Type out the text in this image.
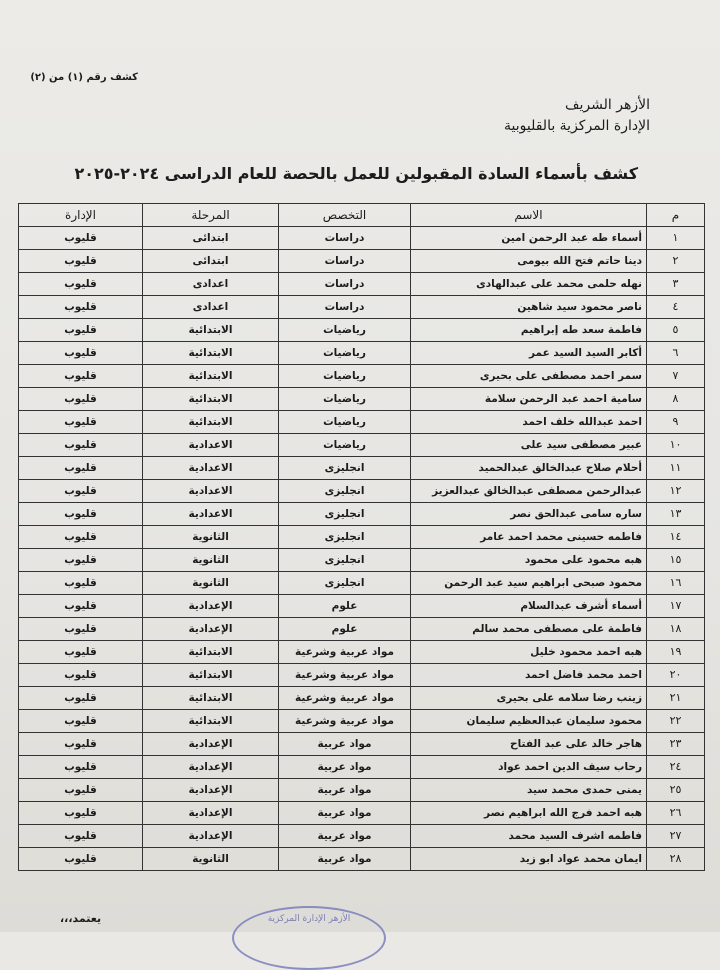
كشف رقم (١) من (٢)
الأزهر الشريف
الإدارة المركزية بالقليوبية
كشف بأسماء السادة المقبولين للعمل بالحصة للعام الدراسى ٢٠٢٤-٢٠٢٥
م	الاسم	التخصص	المرحلة	الإدارة
١	أسماء طه عبد الرحمن امين	دراسات	ابتدائى	قليوب
٢	دينا حاتم فتح الله بيومى	دراسات	ابتدائى	قليوب
٣	نهله حلمى محمد على عبدالهادى	دراسات	اعدادى	قليوب
٤	ناصر محمود سيد شاهين	دراسات	اعدادى	قليوب
٥	فاطمة سعد طه إبراهيم	رياضيات	الابتدائية	قليوب
٦	أكابر السيد السيد عمر	رياضيات	الابتدائية	قليوب
٧	سمر احمد مصطفى على بحيرى	رياضيات	الابتدائية	قليوب
٨	سامية احمد عبد الرحمن سلامة	رياضيات	الابتدائية	قليوب
٩	احمد عبدالله خلف احمد	رياضيات	الابتدائية	قليوب
١٠	عبير مصطفى سيد على	رياضيات	الاعدادية	قليوب
١١	أحلام صلاح عبدالخالق عبدالحميد	انجليزى	الاعدادية	قليوب
١٢	عبدالرحمن مصطفى عبدالخالق عبدالعزيز	انجليزى	الاعدادية	قليوب
١٣	ساره سامى عبدالحق نصر	انجليزى	الاعدادية	قليوب
١٤	فاطمه حسينى محمد احمد عامر	انجليزى	الثانوية	قليوب
١٥	هبه محمود على محمود	انجليزى	الثانوية	قليوب
١٦	محمود صبحى ابراهيم سيد عبد الرحمن	انجليزى	الثانوية	قليوب
١٧	أسماء أشرف عبدالسلام	علوم	الإعدادية	قليوب
١٨	فاطمة على مصطفى محمد سالم	علوم	الإعدادية	قليوب
١٩	هبه احمد محمود خليل	مواد عربية وشرعية	الابتدائية	قليوب
٢٠	احمد محمد فاضل احمد	مواد عربية وشرعية	الابتدائية	قليوب
٢١	زينب رضا سلامه على بحيرى	مواد عربية وشرعية	الابتدائية	قليوب
٢٢	محمود سليمان عبدالعظيم سليمان	مواد عربية وشرعية	الابتدائية	قليوب
٢٣	هاجر خالد على عبد الفتاح	مواد عربية	الإعدادية	قليوب
٢٤	رحاب سيف الدين احمد عواد	مواد عربية	الإعدادية	قليوب
٢٥	يمنى حمدى محمد سيد	مواد عربية	الإعدادية	قليوب
٢٦	هبه احمد فرج الله ابراهيم نصر	مواد عربية	الإعدادية	قليوب
٢٧	فاطمه اشرف السيد محمد	مواد عربية	الإعدادية	قليوب
٢٨	ايمان محمد عواد ابو زيد	مواد عربية	الثانوية	قليوب
الأزهر الإدارة المركزية
يعتمد،،،
